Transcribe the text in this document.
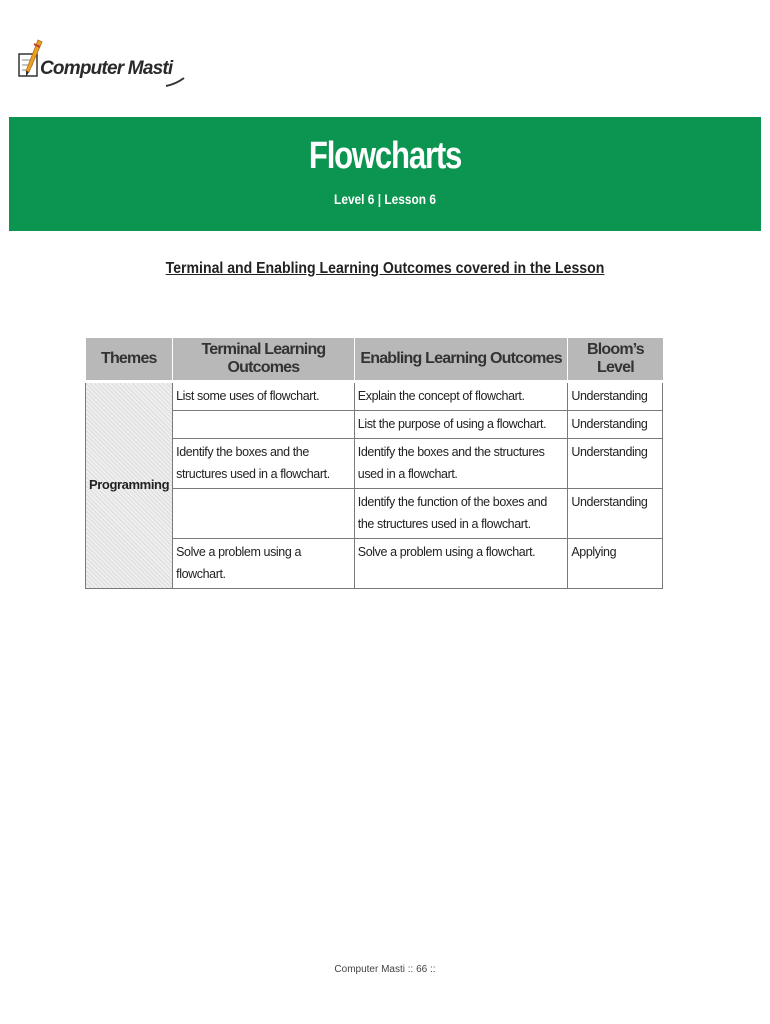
Computer Masti
Flowcharts
Level 6 | Lesson 6
Terminal and Enabling Learning Outcomes covered in the Lesson
Themes	Terminal Learning Outcomes	Enabling Learning Outcomes	Bloom’s Level
Programming	List some uses of flowchart.	Explain the concept of flowchart.	Understanding
		List the purpose of using a flowchart.	Understanding
	Identify the boxes and the structures used in a flowchart.	Identify the boxes and the structures used in a flowchart.	Understanding
		Identify the function of the boxes and the structures used in a flowchart.	Understanding
	Solve a problem using a flowchart.	Solve a problem using a flowchart.	Applying
Computer Masti :: 66 ::
